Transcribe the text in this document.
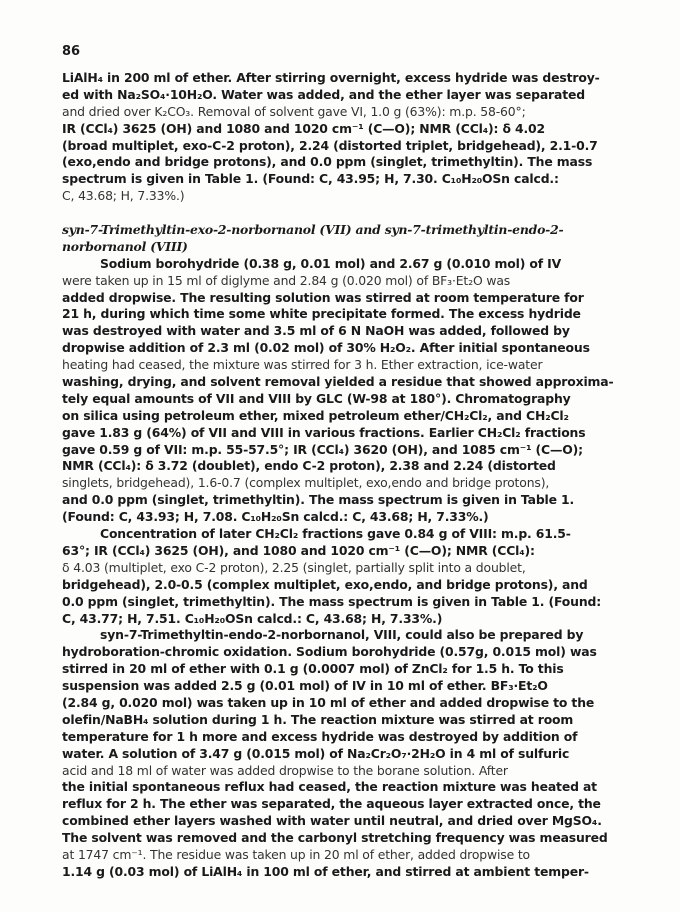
86
LiAlH₄ in 200 ml of ether. After stirring overnight, excess hydride was destroy-
ed with Na₂SO₄·10H₂O. Water was added, and the ether layer was separated
and dried over K₂CO₃. Removal of solvent gave VI, 1.0 g (63%): m.p. 58-60°;
IR (CCl₄) 3625 (OH) and 1080 and 1020 cm⁻¹ (C—O); NMR (CCl₄): δ 4.02
(broad multiplet, exo-C-2 proton), 2.24 (distorted triplet, bridgehead), 2.1-0.7
(exo,endo and bridge protons), and 0.0 ppm (singlet, trimethyltin). The mass
spectrum is given in Table 1. (Found: C, 43.95; H, 7.30. C₁₀H₂₀OSn calcd.:
C, 43.68; H, 7.33%.)
syn-7-Trimethyltin-exo-2-norbornanol (VII) and syn-7-trimethyltin-endo-2-
norbornanol (VIII)
Sodium borohydride (0.38 g, 0.01 mol) and 2.67 g (0.010 mol) of IV
were taken up in 15 ml of diglyme and 2.84 g (0.020 mol) of BF₃·Et₂O was
added dropwise. The resulting solution was stirred at room temperature for
21 h, during which time some white precipitate formed. The excess hydride
was destroyed with water and 3.5 ml of 6 N NaOH was added, followed by
dropwise addition of 2.3 ml (0.02 mol) of 30% H₂O₂. After initial spontaneous
heating had ceased, the mixture was stirred for 3 h. Ether extraction, ice-water
washing, drying, and solvent removal yielded a residue that showed approxima-
tely equal amounts of VII and VIII by GLC (W-98 at 180°). Chromatography
on silica using petroleum ether, mixed petroleum ether/CH₂Cl₂, and CH₂Cl₂
gave 1.83 g (64%) of VII and VIII in various fractions. Earlier CH₂Cl₂ fractions
gave 0.59 g of VII: m.p. 55-57.5°; IR (CCl₄) 3620 (OH), and 1085 cm⁻¹ (C—O);
NMR (CCl₄): δ 3.72 (doublet), endo C-2 proton), 2.38 and 2.24 (distorted
singlets, bridgehead), 1.6-0.7 (complex multiplet, exo,endo and bridge protons),
and 0.0 ppm (singlet, trimethyltin). The mass spectrum is given in Table 1.
(Found: C, 43.93; H, 7.08. C₁₀H₂₀Sn calcd.: C, 43.68; H, 7.33%.)
Concentration of later CH₂Cl₂ fractions gave 0.84 g of VIII: m.p. 61.5-
63°; IR (CCl₄) 3625 (OH), and 1080 and 1020 cm⁻¹ (C—O); NMR (CCl₄):
δ 4.03 (multiplet, exo C-2 proton), 2.25 (singlet, partially split into a doublet,
bridgehead), 2.0-0.5 (complex multiplet, exo,endo, and bridge protons), and
0.0 ppm (singlet, trimethyltin). The mass spectrum is given in Table 1. (Found:
C, 43.77; H, 7.51. C₁₀H₂₀OSn calcd.: C, 43.68; H, 7.33%.)
syn-7-Trimethyltin-endo-2-norbornanol, VIII, could also be prepared by
hydroboration-chromic oxidation. Sodium borohydride (0.57g, 0.015 mol) was
stirred in 20 ml of ether with 0.1 g (0.0007 mol) of ZnCl₂ for 1.5 h. To this
suspension was added 2.5 g (0.01 mol) of IV in 10 ml of ether. BF₃·Et₂O
(2.84 g, 0.020 mol) was taken up in 10 ml of ether and added dropwise to the
olefin/NaBH₄ solution during 1 h. The reaction mixture was stirred at room
temperature for 1 h more and excess hydride was destroyed by addition of
water. A solution of 3.47 g (0.015 mol) of Na₂Cr₂O₇·2H₂O in 4 ml of sulfuric
acid and 18 ml of water was added dropwise to the borane solution. After
the initial spontaneous reflux had ceased, the reaction mixture was heated at
reflux for 2 h. The ether was separated, the aqueous layer extracted once, the
combined ether layers washed with water until neutral, and dried over MgSO₄.
The solvent was removed and the carbonyl stretching frequency was measured
at 1747 cm⁻¹. The residue was taken up in 20 ml of ether, added dropwise to
1.14 g (0.03 mol) of LiAlH₄ in 100 ml of ether, and stirred at ambient temper-
